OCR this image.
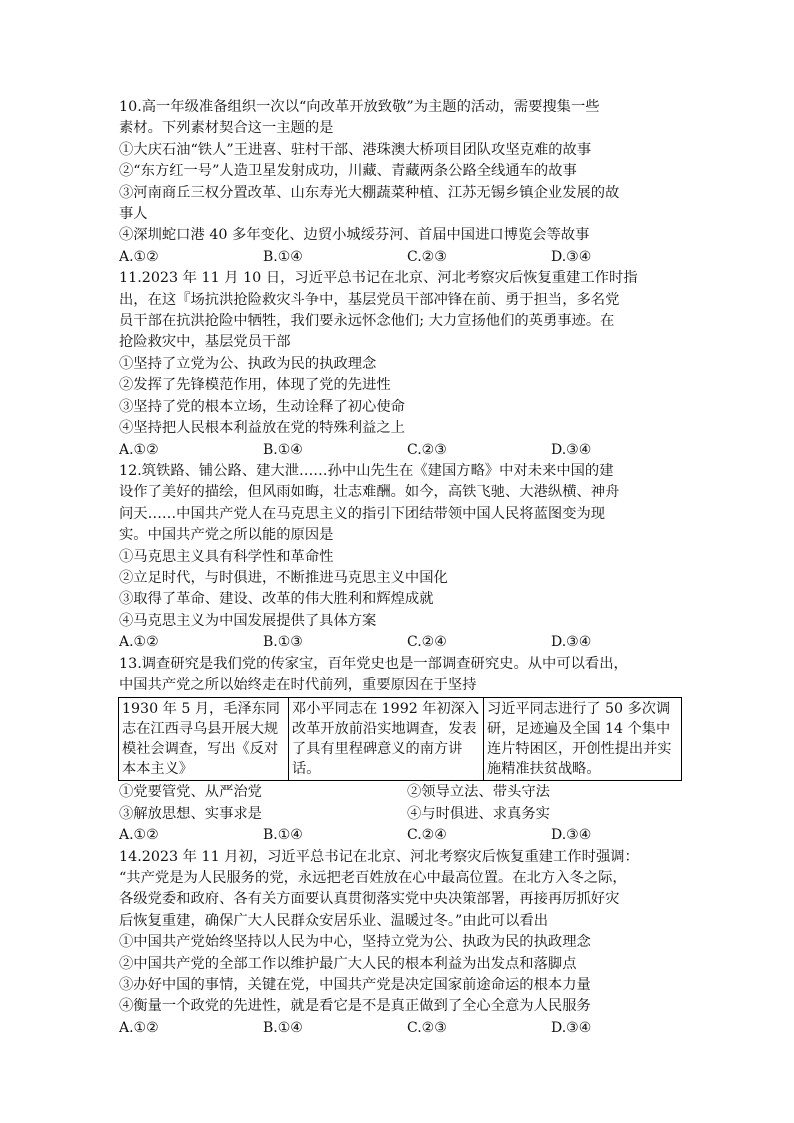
10.高一年级准备组织一次以“向改革开放致敬”为主题的活动，需要搜集一些
素材。下列素材契合这一主题的是
①大庆石油“铁人”王进喜、驻村干部、港珠澳大桥项目团队攻坚克难的故事
②“东方红一号”人造卫星发射成功，川藏、青藏两条公路全线通车的故事
③河南商丘三权分置改革、山东寿光大棚蔬菜种植、江苏无锡乡镇企业发展的故
事人
④深圳蛇口港 40 多年变化、边贸小城绥芬河、首届中国进口博览会等故事
A.①②	B.①④	C.②③	D.③④
11.2023 年 11 月 10 日，习近平总书记在北京、河北考察灾后恢复重建工作时指
出，在这『场抗洪抢险救灾斗争中，基层党员干部冲锋在前、勇于担当，多名党
员干部在抗洪抢险中牺牲，我们要永远怀念他们; 大力宣扬他们的英勇事迹。在
抢险救灾中，基层党员干部
①坚持了立党为公、执政为民的执政理念
②发挥了先锋模范作用，体现了党的先进性
③坚持了党的根本立场，生动诠释了初心使命
④坚持把人民根本利益放在党的特殊利益之上
A.①②	B.①④	C.②③	D.③④
12.筑铁路、铺公路、建大泄……孙中山先生在《建国方略》中对未来中国的建
设作了美好的描绘，但风雨如晦，壮志难酬。如今，高铁飞驰、大港纵横、神舟
问天……中国共产党人在马克思主义的指引下团结带领中国人民将蓝图变为现
实。中国共产党之所以能的原因是
①马克思主义具有科学性和革命性
②立足时代，与时俱进，不断推进马克思主义中国化
③取得了革命、建设、改革的伟大胜利和辉煌成就
④马克思主义为中国发展提供了具体方案
A.①②	B.①③	C.②④	D.③④
13.调查研究是我们党的传家宝，百年党史也是一部调查研究史。从中可以看出，
中国共产党之所以始终走在时代前列，重要原因在于坚持
1930 年 5 月，毛泽东同志在江西寻乌县开展大规模社会调查，写出《反对本本主义》	邓小平同志在 1992 年初深入改革开放前沿实地调查，发表了具有里程碑意义的南方讲话。	习近平同志进行了 50 多次调研，足迹遍及全国 14 个集中连片特困区，开创性提出并实施精准扶贫战略。
①党要管党、从严治党	②领导立法、带头守法
③解放思想、实事求是	④与时俱进、求真务实
A.①②	B.①④	C.②④	D.③④
14.2023 年 11 月初，习近平总书记在北京、河北考察灾后恢复重建工作时强调：
“共产党是为人民服务的党，永远把老百姓放在心中最高位置。在北方入冬之际，
各级党委和政府、各有关方面要认真贯彻落实党中央决策部署，再接再厉抓好灾
后恢复重建，确保广大人民群众安居乐业、温暖过冬。”由此可以看出
①中国共产党始终坚持以人民为中心，坚持立党为公、执政为民的执政理念
②中国共产党的全部工作以维护最广大人民的根本利益为出发点和落脚点
③办好中国的事情，关键在党，中国共产党是决定国家前途命运的根本力量
④衡量一个政党的先进性，就是看它是不是真正做到了全心全意为人民服务
A.①②	B.①④	C.②③	D.③④
